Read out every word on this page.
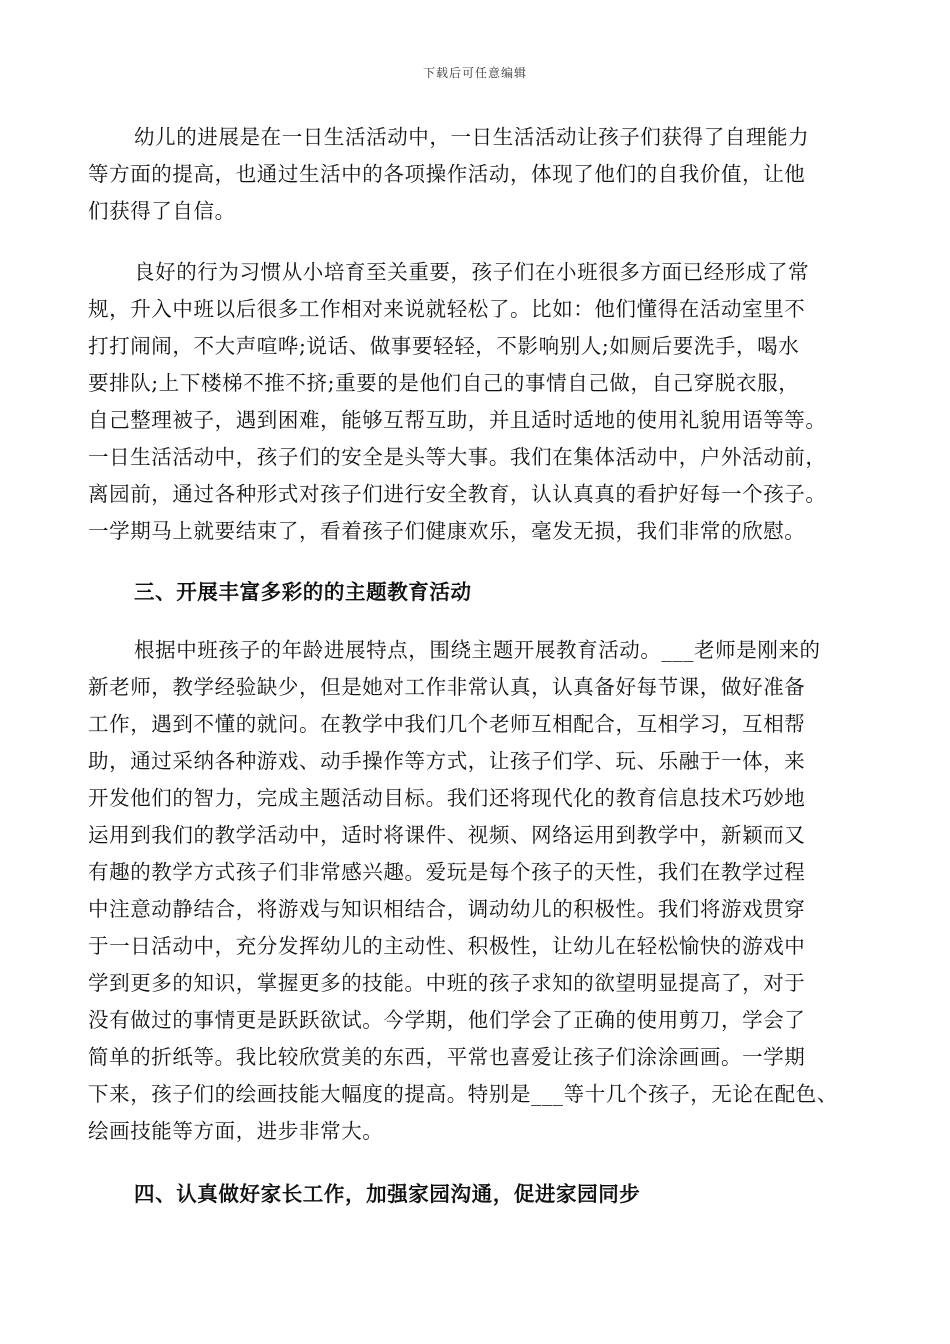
下载后可任意编辑
幼儿的进展是在一日生活活动中，一日生活活动让孩子们获得了自理能力
等方面的提高，也通过生活中的各项操作活动，体现了他们的自我价值，让他
们获得了自信。
良好的行为习惯从小培育至关重要，孩子们在小班很多方面已经形成了常
规，升入中班以后很多工作相对来说就轻松了。比如：他们懂得在活动室里不
打打闹闹，不大声喧哗;说话、做事要轻轻，不影响别人;如厕后要洗手，喝水
要排队;上下楼梯不推不挤;重要的是他们自己的事情自己做，自己穿脱衣服，
自己整理被子，遇到困难，能够互帮互助，并且适时适地的使用礼貌用语等等。
一日生活活动中，孩子们的安全是头等大事。我们在集体活动中，户外活动前，
离园前，通过各种形式对孩子们进行安全教育，认认真真的看护好每一个孩子。
一学期马上就要结束了，看着孩子们健康欢乐，毫发无损，我们非常的欣慰。
三、开展丰富多彩的的主题教育活动
根据中班孩子的年龄进展特点，围绕主题开展教育活动。___老师是刚来的
新老师，教学经验缺少，但是她对工作非常认真，认真备好每节课，做好准备
工作，遇到不懂的就问。在教学中我们几个老师互相配合，互相学习，互相帮
助，通过采纳各种游戏、动手操作等方式，让孩子们学、玩、乐融于一体，来
开发他们的智力，完成主题活动目标。我们还将现代化的教育信息技术巧妙地
运用到我们的教学活动中，适时将课件、视频、网络运用到教学中，新颖而又
有趣的教学方式孩子们非常感兴趣。爱玩是每个孩子的天性，我们在教学过程
中注意动静结合，将游戏与知识相结合，调动幼儿的积极性。我们将游戏贯穿
于一日活动中，充分发挥幼儿的主动性、积极性，让幼儿在轻松愉快的游戏中
学到更多的知识，掌握更多的技能。中班的孩子求知的欲望明显提高了，对于
没有做过的事情更是跃跃欲试。今学期，他们学会了正确的使用剪刀，学会了
简单的折纸等。我比较欣赏美的东西，平常也喜爱让孩子们涂涂画画。一学期
下来，孩子们的绘画技能大幅度的提高。特别是___等十几个孩子，无论在配色、
绘画技能等方面，进步非常大。
四、认真做好家长工作，加强家园沟通，促进家园同步
